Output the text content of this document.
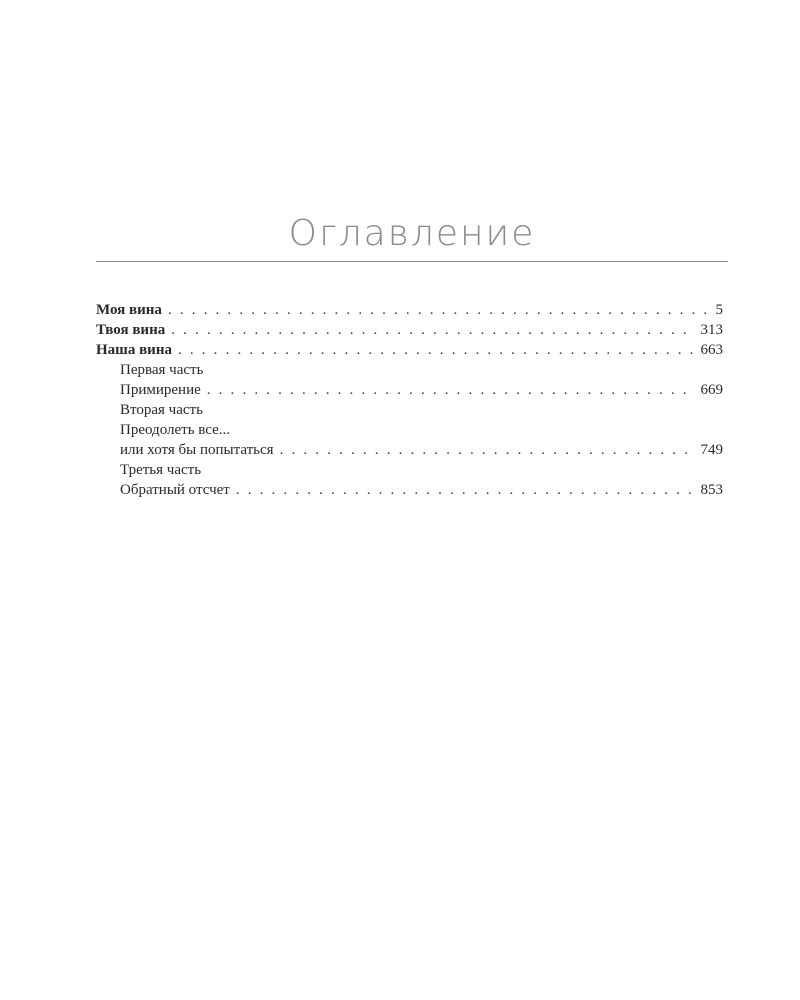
Оглавление
Моя вина . . .	5
Твоя вина . . .	313
Наша вина . . .	663
Первая часть
Примирение . . .	669
Вторая часть
Преодолеть все...
или хотя бы попытаться . . .	749
Третья часть
Обратный отсчет . . .	853
